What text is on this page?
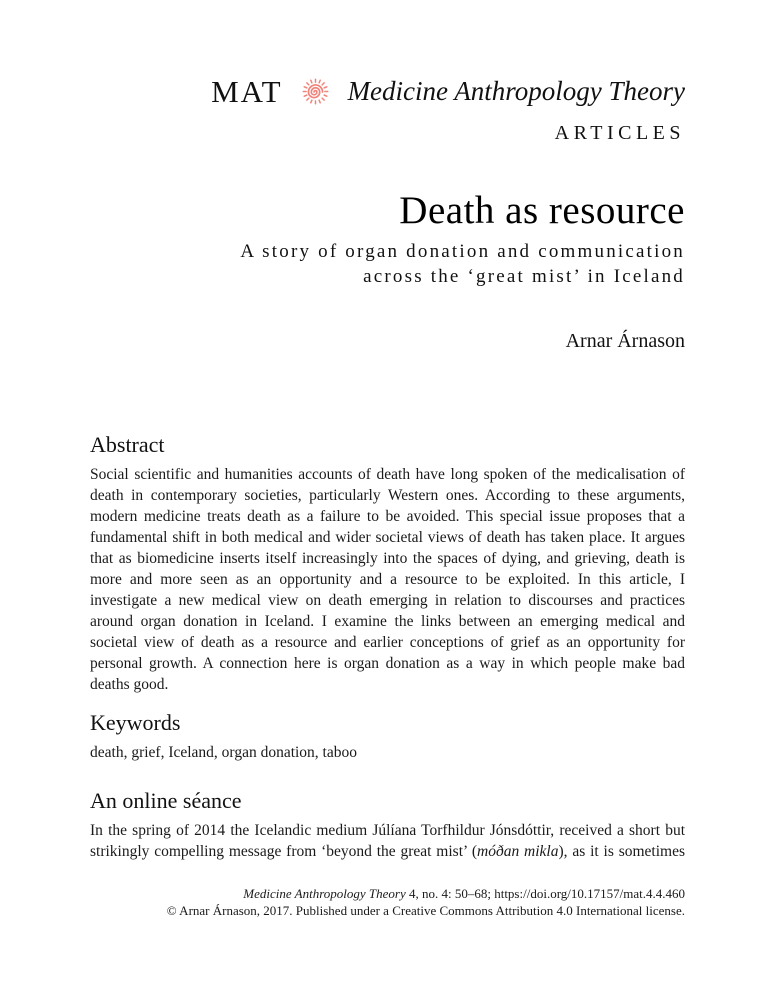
MAT Medicine Anthropology Theory
ARTICLES
Death as resource
A story of organ donation and communication
across the ‘great mist’ in Iceland
Arnar Árnason
Abstract

Social scientific and humanities accounts of death have long spoken of the medicalisation of death in contemporary societies, particularly Western ones. According to these arguments, modern medicine treats death as a failure to be avoided. This special issue proposes that a fundamental shift in both medical and wider societal views of death has taken place. It argues that as biomedicine inserts itself increasingly into the spaces of dying, and grieving, death is more and more seen as an opportunity and a resource to be exploited. In this article, I investigate a new medical view on death emerging in relation to discourses and practices around organ donation in Iceland. I examine the links between an emerging medical and societal view of death as a resource and earlier conceptions of grief as an opportunity for personal growth. A connection here is organ donation as a way in which people make bad deaths good.

Keywords

death, grief, Iceland, organ donation, taboo

An online séance

In the spring of 2014 the Icelandic medium Júlíana Torfhildur Jónsdóttir, received a short but strikingly compelling message from ‘beyond the great mist’ (móðan mikla), as it is sometimes

Medicine Anthropology Theory 4, no. 4: 50–68; https://doi.org/10.17157/mat.4.4.460
© Arnar Árnason, 2017. Published under a Creative Commons Attribution 4.0 International license.
